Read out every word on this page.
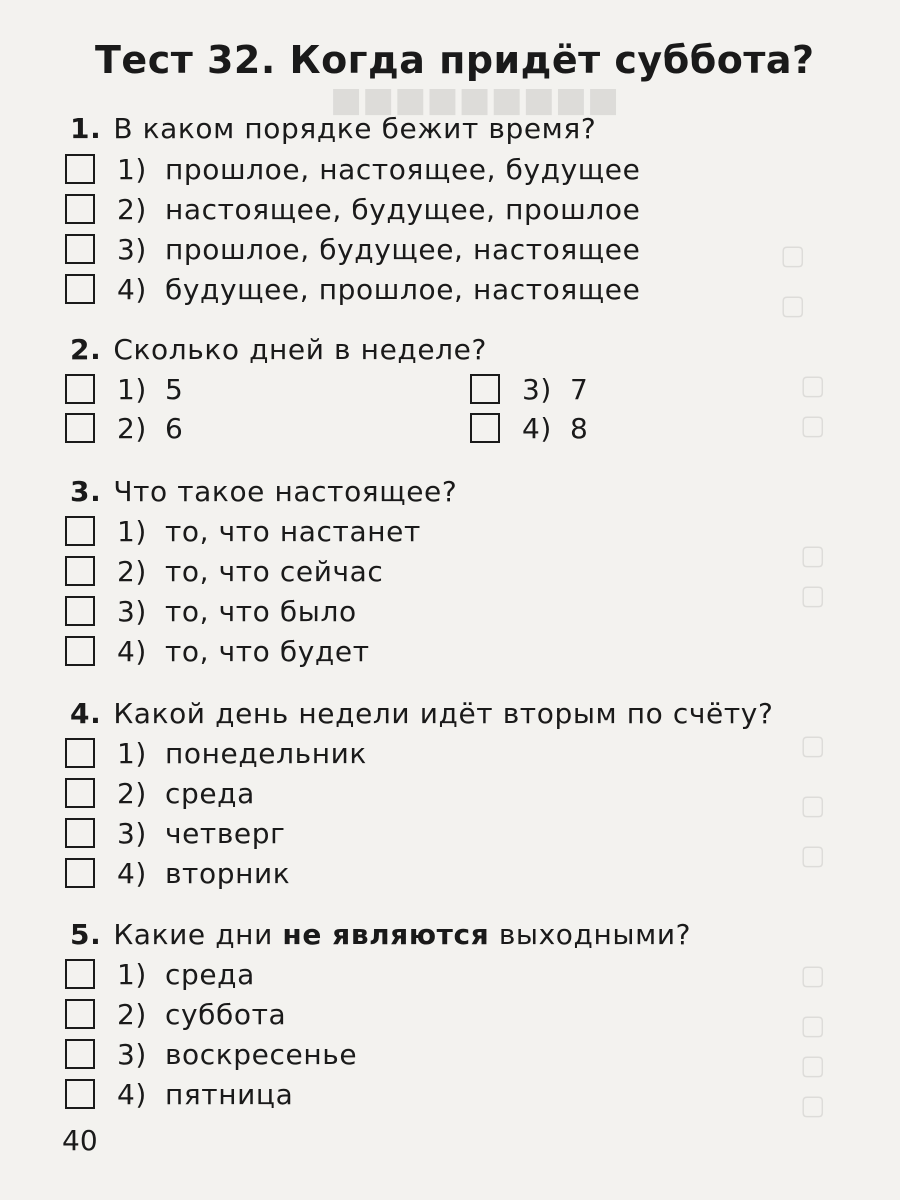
■■■■■■■■■
▢
▢
▢
▢
▢
▢
▢
▢
▢
▢
▢
▢
▢
Тест 32. Когда придёт суббота?
1. В каком порядке бежит время?
1) прошлое, настоящее, будущее
2) настоящее, будущее, прошлое
3) прошлое, будущее, настоящее
4) будущее, прошлое, настоящее
2. Сколько дней в неделе?
1) 5
2) 6
3) 7
4) 8
3. Что такое настоящее?
1) то, что настанет
2) то, что сейчас
3) то, что было
4) то, что будет
4. Какой день недели идёт вторым по счёту?
1) понедельник
2) среда
3) четверг
4) вторник
5. Какие дни не являются выходными?
1) среда
2) суббота
3) воскресенье
4) пятница
40
